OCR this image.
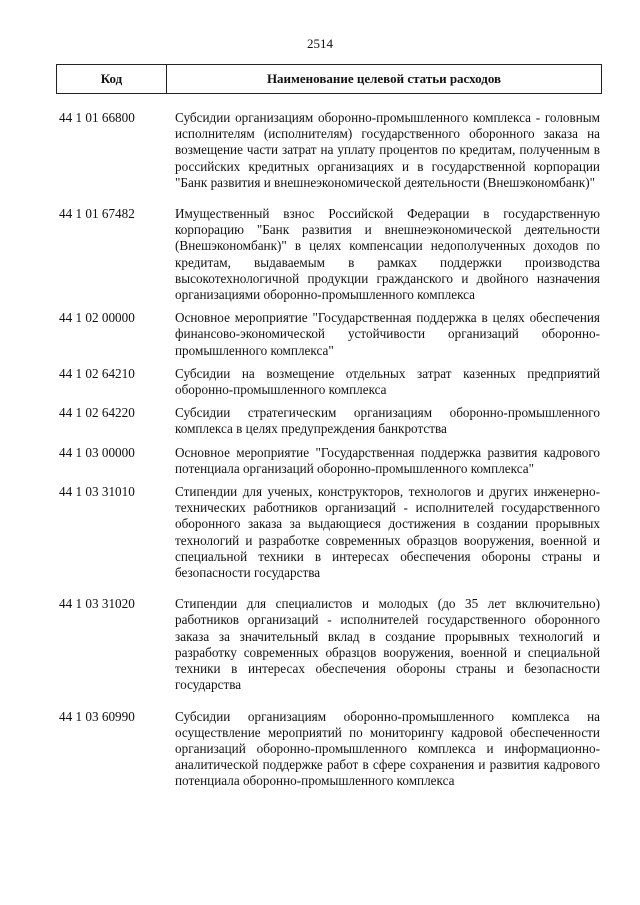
2514
Код	Наименование целевой статьи расходов
44 1 01 66800	Субсидии организациям оборонно-промышленного комплекса - головным исполнителям (исполнителям) государственного оборонного заказа на возмещение части затрат на уплату процентов по кредитам, полученным в российских кредитных организациях и в государственной корпорации "Банк развития и внешнеэкономической деятельности (Внешэкономбанк)"
44 1 01 67482	Имущественный взнос Российской Федерации в государственную корпорацию "Банк развития и внешнеэкономической деятельности (Внешэкономбанк)" в целях компенсации недополученных доходов по кредитам, выдаваемым в рамках поддержки производства высокотехнологичной продукции гражданского и двойного назначения организациями оборонно-промышленного комплекса
44 1 02 00000	Основное мероприятие "Государственная поддержка в целях обеспечения финансово-экономической устойчивости организаций оборонно-промышленного комплекса"
44 1 02 64210	Субсидии на возмещение отдельных затрат казенных предприятий оборонно-промышленного комплекса
44 1 02 64220	Субсидии стратегическим организациям оборонно-промышленного комплекса в целях предупреждения банкротства
44 1 03 00000	Основное мероприятие "Государственная поддержка развития кадрового потенциала организаций оборонно-промышленного комплекса"
44 1 03 31010	Стипендии для ученых, конструкторов, технологов и других инженерно-технических работников организаций - исполнителей государственного оборонного заказа за выдающиеся достижения в создании прорывных технологий и разработке современных образцов вооружения, военной и специальной техники в интересах обеспечения обороны страны и безопасности государства
44 1 03 31020	Стипендии для специалистов и молодых (до 35 лет включительно) работников организаций - исполнителей государственного оборонного заказа за значительный вклад в создание прорывных технологий и разработку современных образцов вооружения, военной и специальной техники в интересах обеспечения обороны страны и безопасности государства
44 1 03 60990	Субсидии организациям оборонно-промышленного комплекса на осуществление мероприятий по мониторингу кадровой обеспеченности организаций оборонно-промышленного комплекса и информационно-аналитической поддержке работ в сфере сохранения и развития кадрового потенциала оборонно-промышленного комплекса
